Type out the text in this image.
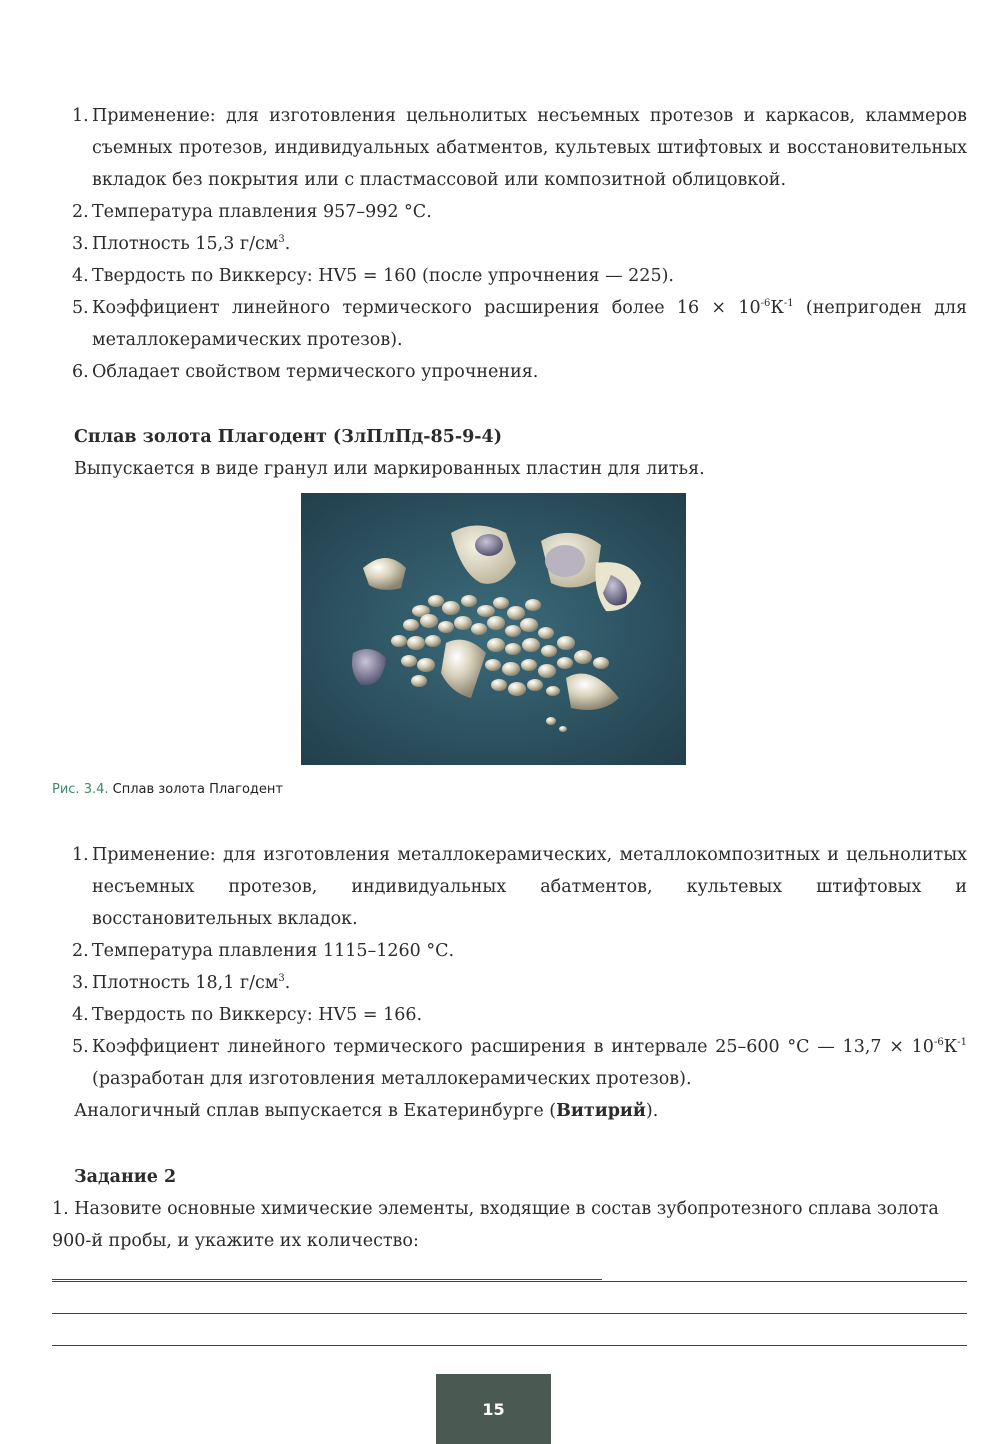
1. Применение: для изготовления цельнолитых несъемных протезов и каркасов, кламмеров съемных протезов, индивидуальных абатментов, культевых штифтовых и восстановительных вкладок без покрытия или с пластмассовой или композитной облицовкой.
2. Температура плавления 957–992 °С.
3. Плотность 15,3 $г/см^3$.
4. Твердость по Виккерсу: HV5 = 160 (после упрочнения — 225).
5. Коэффициент линейного термического расширения более $16 \times 10^{-6}К^{-1}$ (непригоден для металлокерамических протезов).
6. Обладает свойством термического упрочнения.
Сплав золота Плагодент (ЗлПлПд-85-9-4)
Выпускается в виде гранул или маркированных пластин для литья.
Рис. 3.4. Сплав золота Плагодент
1. Применение: для изготовления металлокерамических, металлокомпозитных и цельнолитых несъемных протезов, индивидуальных абатментов, культевых штифтовых и восстановительных вкладок.
2. Температура плавления 1115–1260 °С.
3. Плотность 18,1 $г/см^3$.
4. Твердость по Виккерсу: HV5 = 166.
5. Коэффициент линейного термического расширения в интервале 25–600 °С — $13,7 \times 10^{-6}К^{-1}$ (разработан для изготовления металлокерамических протезов).
Аналогичный сплав выпускается в Екатеринбурге (Витирий).
Задание 2
1. Назовите основные химические элементы, входящие в состав зубопротезного сплава золота 900-й пробы, и укажите их количество:
15
